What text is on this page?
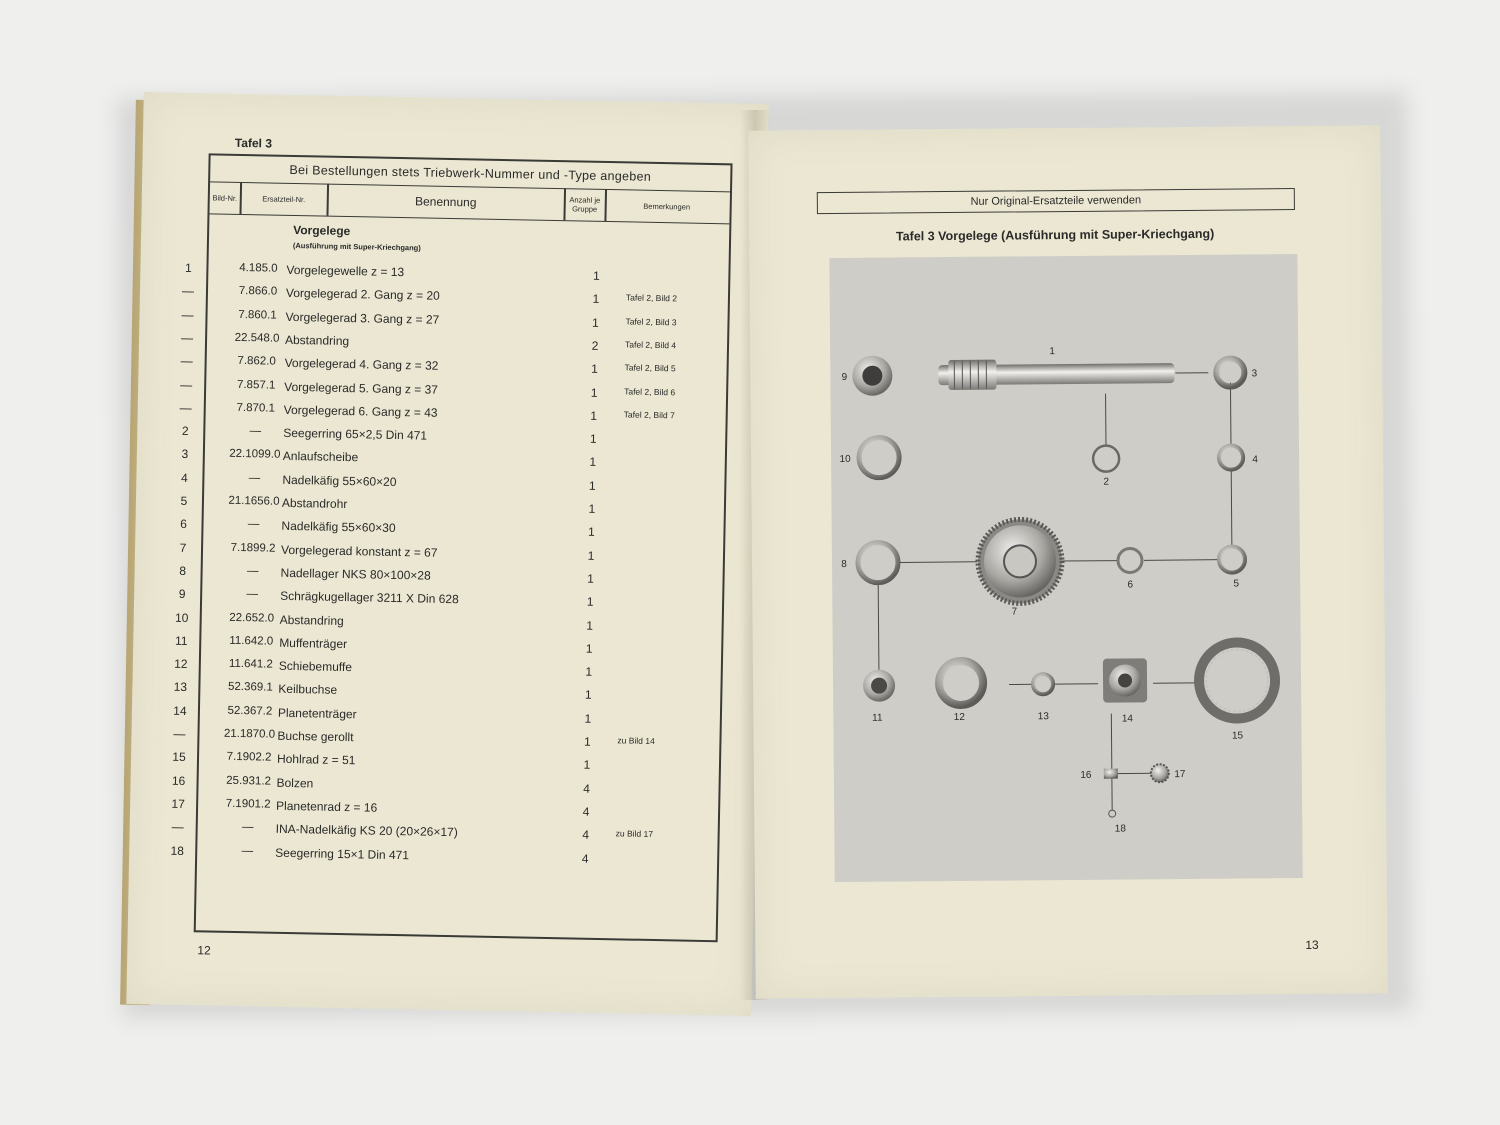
Tafel 3
Bei Bestellungen stets Triebwerk-Nummer und -Type angeben
Bild-Nr.	Ersatzteil-Nr.	Benennung	Anzahl je Gruppe	Bemerkungen
Vorgelege
(Ausführung mit Super-Kriechgang)
1	4.185.0 Vorgelegewelle z = 13	1
—	7.866.0 Vorgelegerad 2. Gang z = 20	1	Tafel 2, Bild 2
—	7.860.1 Vorgelegerad 3. Gang z = 27	1	Tafel 2, Bild 3
—	22.548.0 Abstandring	2	Tafel 2, Bild 4
—	7.862.0 Vorgelegerad 4. Gang z = 32	1	Tafel 2, Bild 5
—	7.857.1 Vorgelegerad 5. Gang z = 37	1	Tafel 2, Bild 6
—	7.870.1 Vorgelegerad 6. Gang z = 43	1	Tafel 2, Bild 7
2	—	Seegerring 65×2,5 Din 471	1
3	22.1099.0 Anlaufscheibe	1
4	—	Nadelkäfig 55×60×20	1
5	21.1656.0 Abstandrohr	1
6	—	Nadelkäfig 55×60×30	1
7	7.1899.2 Vorgelegerad konstant z = 67	1
8	—	Nadellager NKS 80×100×28	1
9	—	Schrägkugellager 3211 X Din 628	1
10	22.652.0 Abstandring	1
11	11.642.0 Muffenträger	1
12	11.641.2 Schiebemuffe	1
13	52.369.1 Keilbuchse	1
14	52.367.2 Planetenträger	1
—	21.1870.0 Buchse gerollt	1	zu Bild 14
15	7.1902.2 Hohlrad z = 51	1
16	25.931.2 Bolzen	4
17	7.1901.2 Planetenrad z = 16	4
—	—	INA-Nadelkäfig KS 20 (20×26×17)	4	zu Bild 17
18	—	Seegerring 15×1 Din 471	4
12
Nur Original-Ersatzteile verwenden
Tafel 3 Vorgelege (Ausführung mit Super-Kriechgang)
1
2
3
4
5
6
7
8
9
10
11	12	13	14
15
16	17
18
13
